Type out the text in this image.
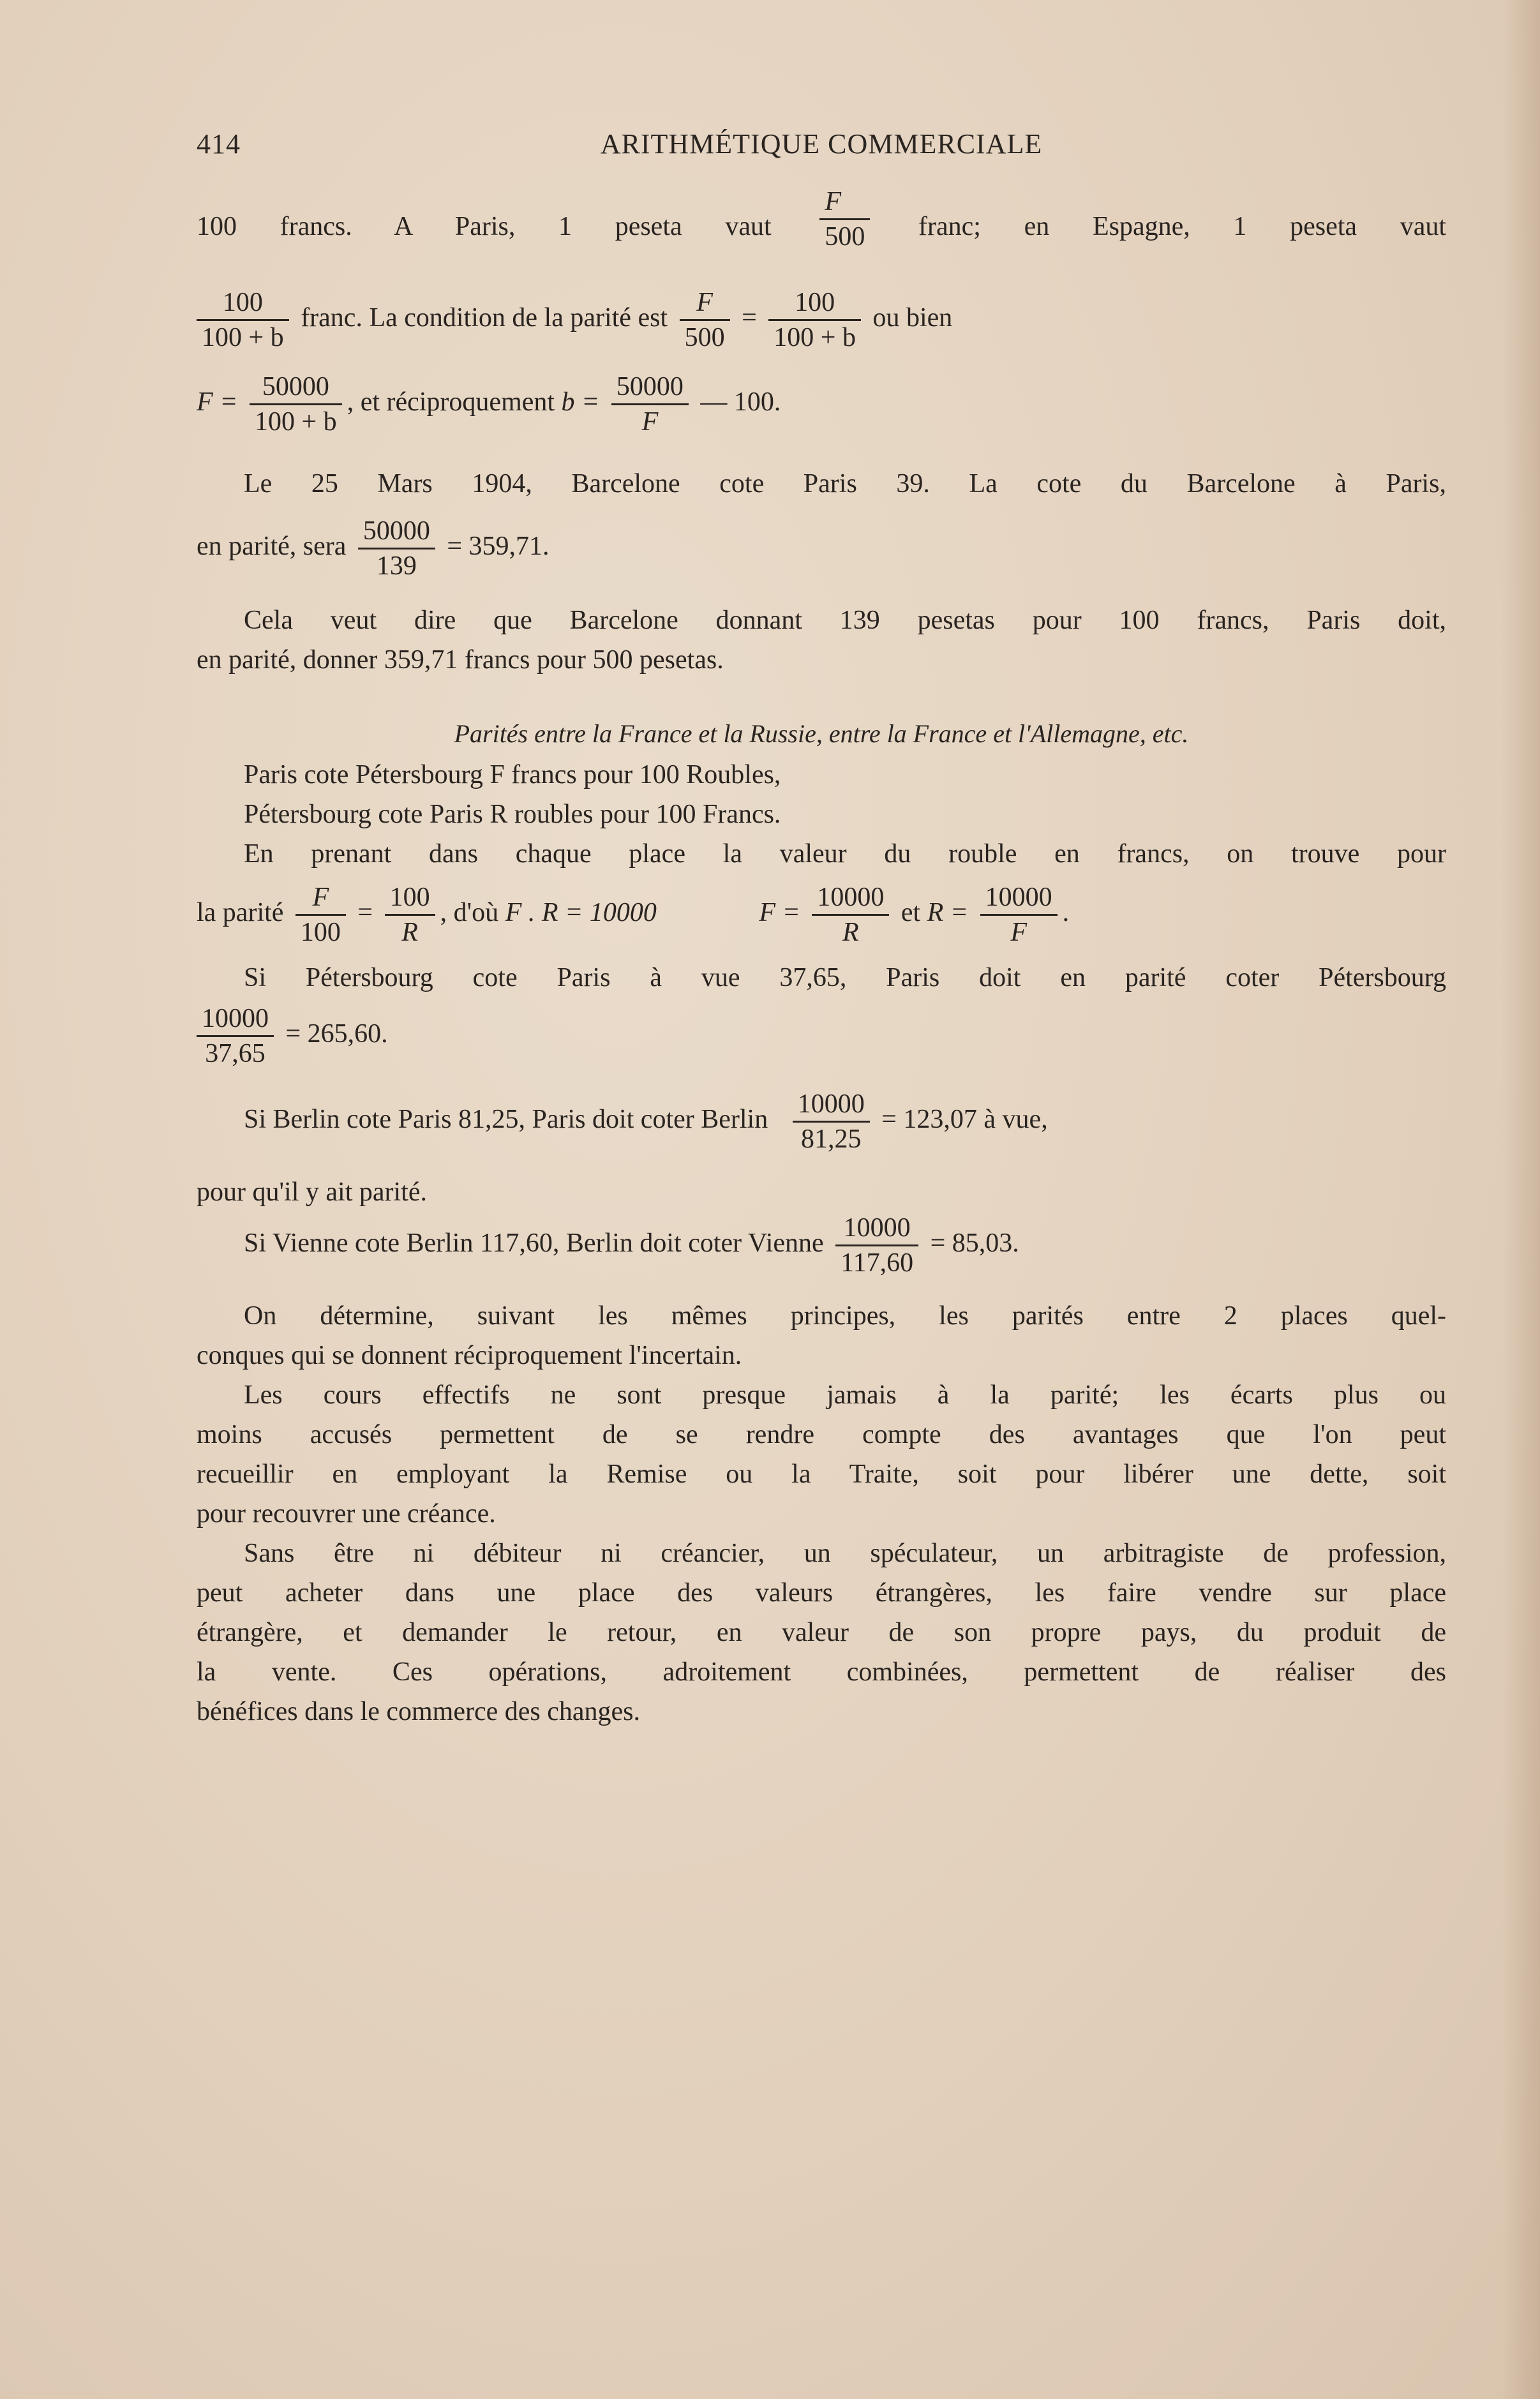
414	ARITHMÉTIQUE COMMERCIALE
100 francs. A Paris, 1 peseta vaut $\frac{F}{500}$ franc; en Espagne, 1 peseta vaut
$\frac{100}{100 + b}$ franc. La condition de la parité est $\frac{F}{500} = \frac{100}{100 + b}$ ou bien
$F = \frac{50000}{100 + b}$ , et réciproquement $b = \frac{50000}{F}$ — 100.
Le 25 Mars 1904, Barcelone cote Paris 39. La cote du Barcelone à Paris,
en parité, sera $\frac{50000}{139} = 359,71$.
Cela veut dire que Barcelone donnant 139 pesetas pour 100 francs, Paris doit,
en parité, donner 359,71 francs pour 500 pesetas.
Parités entre la France et la Russie, entre la France et l'Allemagne, etc.
Paris cote Pétersbourg F francs pour 100 Roubles,
Pétersbourg cote Paris R roubles pour 100 Francs.
En prenant dans chaque place la valeur du rouble en francs, on trouve pour
la parité $\frac{F}{100} = \frac{100}{R}$ , d'où F . R = 10000	$F = \frac{10000}{R}$ et $R = \frac{10000}{F}$ .
Si Pétersbourg cote Paris à vue 37,65, Paris doit en parité coter Pétersbourg
$\frac{10000}{37,65} = 265,60$.
Si Berlin cote Paris 81,25, Paris doit coter Berlin $\frac{10000}{81,25} = 123,07$ à vue,
pour qu'il y ait parité.
Si Vienne cote Berlin 117,60, Berlin doit coter Vienne $\frac{10000}{117,60} = 85,03$.
On détermine, suivant les mêmes principes, les parités entre 2 places quel-
conques qui se donnent réciproquement l'incertain.
Les cours effectifs ne sont presque jamais à la parité; les écarts plus ou
moins accusés permettent de se rendre compte des avantages que l'on peut
recueillir en employant la Remise ou la Traite, soit pour libérer une dette, soit
pour recouvrer une créance.
Sans être ni débiteur ni créancier, un spéculateur, un arbitragiste de profession,
peut acheter dans une place des valeurs étrangères, les faire vendre sur place
étrangère, et demander le retour, en valeur de son propre pays, du produit de
la vente. Ces opérations, adroitement combinées, permettent de réaliser des
bénéfices dans le commerce des changes.
